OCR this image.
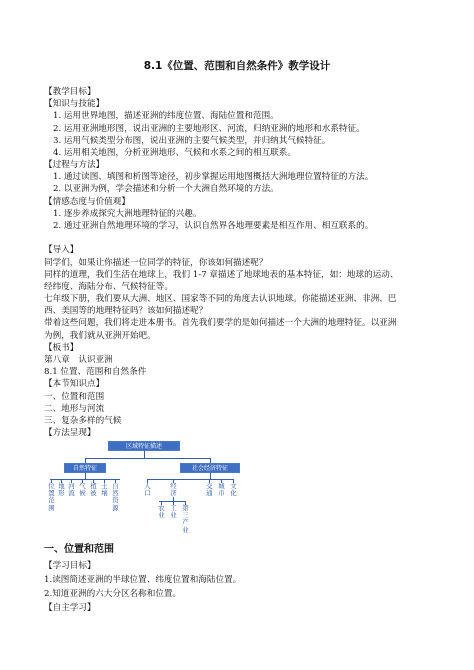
8.1《位置、范围和自然条件》教学设计
【教学目标】
【知识与技能】
1. 运用世界地图，描述亚洲的纬度位置、海陆位置和范围。
2. 运用亚洲地形图，说出亚洲的主要地形区、河流，归纳亚洲的地形和水系特征。
3. 运用气候类型分布图，说出亚洲的主要气候类型，并归纳其气候特征。
4. 运用相关地图，分析亚洲地形、气候和水系之间的相互联系。
【过程与方法】
1. 通过读图、填图和析图等途径，初步掌握运用地图概括大洲地理位置特征的方法。
2. 以亚洲为例，学会描述和分析一个大洲自然环境的方法。
【情感态度与价值观】
1. 逐步养成探究大洲地理特征的兴趣。
2. 通过亚洲自然地理环境的学习，认识自然界各地理要素是相互作用、相互联系的。
【导入】
同学们，如果让你描述一位同学的特征，你该如何描述呢？
同样的道理，我们生活在地球上，我们 1-7 章描述了地球地表的基本特征，如：地球的运动、
经纬度、海陆分布、气候特征等。
七年级下册，我们要从大洲、地区、国家等不同的角度去认识地球。你能描述亚洲、非洲、巴
西、美国等的地理特征吗？该如何描述呢？
带着这些问题，我们将走进本册书。首先我们要学的是如何描述一个大洲的地理特征。以亚洲
为例，我们就从亚洲开始吧。
【板书】
第八章　认识亚洲
8.1 位置、范围和自然条件
【本节知识点】
一、位置和范围
二、地形与河流
三、复杂多样的气候
【方法呈现】
区域特征描述
自然特征	社会经济特征
位置范围
地形
河流
气候
植被
土壤
自然资源
人口
经济
交通
城市
文化
农业
工业
第三产业
一、位置和范围
【学习目标】
1.读图简述亚洲的半球位置、纬度位置和海陆位置。
2.知道亚洲的六大分区名称和位置。
【自主学习】
